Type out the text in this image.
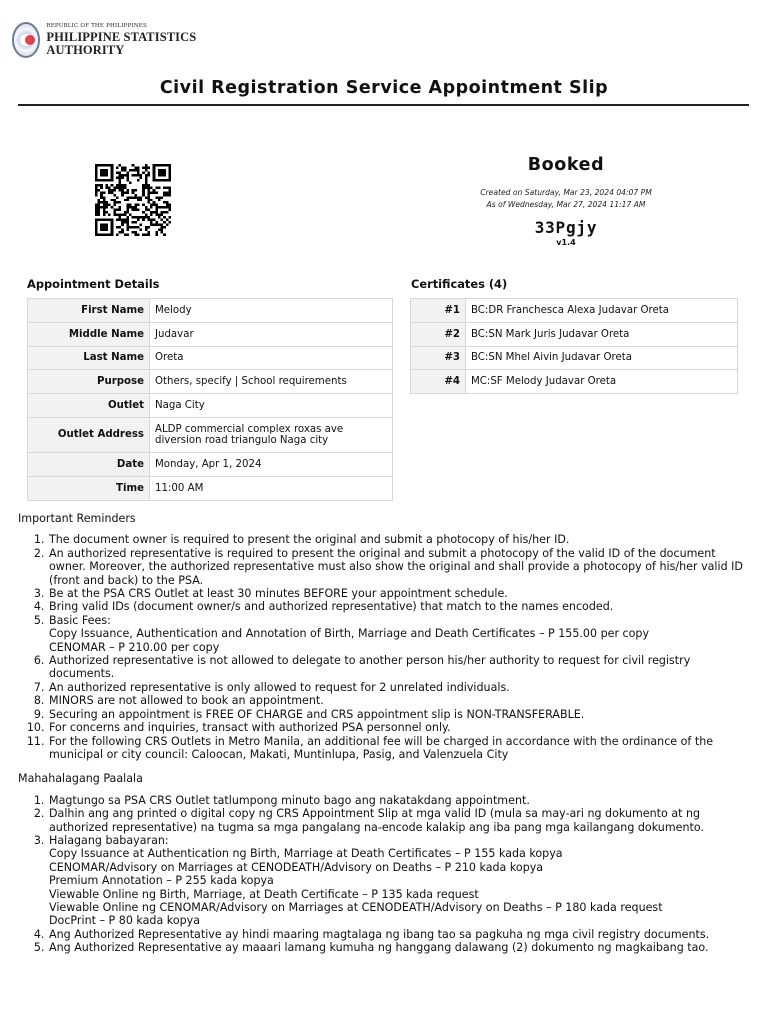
REPUBLIC OF THE PHILIPPINES
PHILIPPINE STATISTICS AUTHORITY
Civil Registration Service Appointment Slip
Booked
Created on Saturday, Mar 23, 2024 04:07 PM
As of Wednesday, Mar 27, 2024 11:17 AM
33Pgjy
v1.4
Appointment Details	Certificates (4)
First Name	Melody
Middle Name	Judavar
Last Name	Oreta
Purpose	Others, specify | School requirements
Outlet	Naga City
Outlet Address	ALDP commercial complex roxas ave diversion road triangulo Naga city
Date	Monday, Apr 1, 2024
Time	11:00 AM
#1	BC:DR Franchesca Alexa Judavar Oreta
#2	BC:SN Mark Juris Judavar Oreta
#3	BC:SN Mhel Aivin Judavar Oreta
#4	MC:SF Melody Judavar Oreta
Important Reminders
1. The document owner is required to present the original and submit a photocopy of his/her ID.
2. An authorized representative is required to present the original and submit a photocopy of the valid ID of the document owner. Moreover, the authorized representative must also show the original and shall provide a photocopy of his/her valid ID (front and back) to the PSA.
3. Be at the PSA CRS Outlet at least 30 minutes BEFORE your appointment schedule.
4. Bring valid IDs (document owner/s and authorized representative) that match to the names encoded.
5. Basic Fees:
Copy Issuance, Authentication and Annotation of Birth, Marriage and Death Certificates – P 155.00 per copy
CENOMAR – P 210.00 per copy
6. Authorized representative is not allowed to delegate to another person his/her authority to request for civil registry documents.
7. An authorized representative is only allowed to request for 2 unrelated individuals.
8. MINORS are not allowed to book an appointment.
9. Securing an appointment is FREE OF CHARGE and CRS appointment slip is NON-TRANSFERABLE.
10. For concerns and inquiries, transact with authorized PSA personnel only.
11. For the following CRS Outlets in Metro Manila, an additional fee will be charged in accordance with the ordinance of the municipal or city council: Caloocan, Makati, Muntinlupa, Pasig, and Valenzuela City
Mahahalagang Paalala
1. Magtungo sa PSA CRS Outlet tatlumpong minuto bago ang nakatakdang appointment.
2. Dalhin ang ang printed o digital copy ng CRS Appointment Slip at mga valid ID (mula sa may-ari ng dokumento at ng authorized representative) na tugma sa mga pangalang na-encode kalakip ang iba pang mga kailangang dokumento.
3. Halagang babayaran:
Copy Issuance at Authentication ng Birth, Marriage at Death Certificates – P 155 kada kopya
CENOMAR/Advisory on Marriages at CENODEATH/Advisory on Deaths – P 210 kada kopya
Premium Annotation – P 255 kada kopya
Viewable Online ng Birth, Marriage, at Death Certificate – P 135 kada request
Viewable Online ng CENOMAR/Advisory on Marriages at CENODEATH/Advisory on Deaths – P 180 kada request
DocPrint – P 80 kada kopya
4. Ang Authorized Representative ay hindi maaring magtalaga ng ibang tao sa pagkuha ng mga civil registry documents.
5. Ang Authorized Representative ay maaari lamang kumuha ng hanggang dalawang (2) dokumento ng magkaibang tao.
